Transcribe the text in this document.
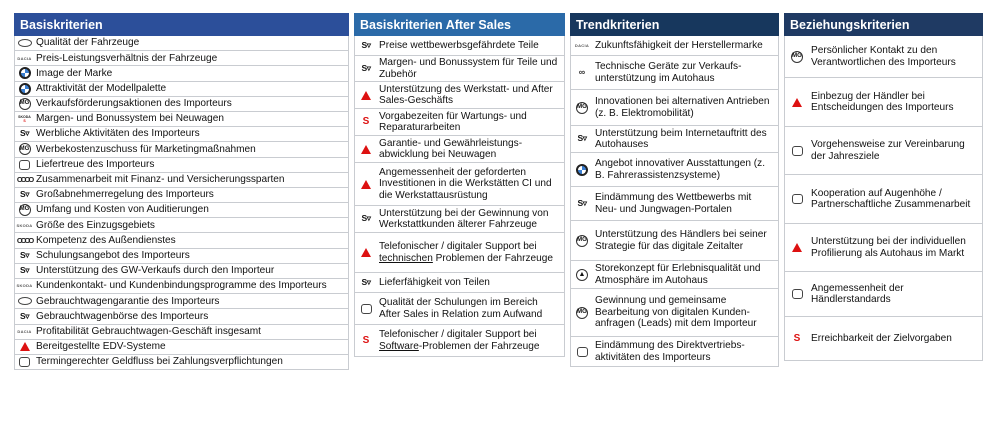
Basiskriterien
Qualität der Fahrzeuge
DACIA Preis-Leistungsverhältnis der Fahrzeuge
Image der Marke
Attraktivität der Modellpalette
MG Verkaufsförderungsaktionen des Importeurs
SKODA
S	Margen- und Bonussystem bei Neuwagen
S▿ Werbliche Aktivitäten des Importeurs
MG Werbekostenzuschuss für Marketingmaßnahmen
Liefertreue des Importeurs
OOOO Zusammenarbeit mit Finanz- und Versicherungssparten
S▿ Großabnehmerregelung des Importeurs
MG Umfang und Kosten von Auditierungen
SKODA Größe des Einzugsgebiets
OOOO Kompetenz des Außendienstes
S▿ Schulungsangebot des Importeurs
S▿ Unterstützung des GW-Verkaufs durch den Importeur
SKODA Kundenkontakt- und Kundenbindungsprogramme des Importeurs
Gebrauchtwagengarantie des Importeurs
S▿ Gebrauchtwagenbörse des Importeurs
DACIA Profitabilität Gebrauchtwagen-Geschäft insgesamt
Bereitgestellte EDV-Systeme
Termingerechter Geldfluss bei Zahlungsverpflichtungen
Basiskriterien After Sales
S▿ Preise wettbewerbsgefährdete Teile
S▿ Margen- und Bonussystem für Teile und Zubehör
Unterstützung des Werkstatt- und After Sales-Geschäfts
S
Vorgabezeiten für Wartungs- und Reparaturarbeiten
Garantie- und Gewährleistungs-abwicklung bei Neuwagen
Angemessenheit der geforderten Investitionen in die Werkstätten CI und die Werkstattausrüstung
S▿ Unterstützung bei der Gewinnung von Werkstattkunden älterer Fahrzeuge
Telefonischer / digitaler Support bei technischen Problemen der Fahrzeuge
S▿ Lieferfähigkeit von Teilen
Qualität der Schulungen im Bereich After Sales in Relation zum Aufwand
S
Telefonischer / digitaler Support bei Software-Problemen der Fahrzeuge
Trendkriterien
DACIA Zukunftsfähigkeit der Herstellermarke
∞ Technische Geräte zur Verkaufs-unterstützung im Autohaus
MG Innovationen bei alternativen Antrieben (z. B. Elektromobilität)
S▿ Unterstützung beim Internetauftritt des Autohauses
Angebot innovativer Ausstattungen (z. B. Fahrerassistenzsysteme)
S▿ Eindämmung des Wettbewerbs mit Neu- und Jungwagen-Portalen
MG Unterstützung des Händlers bei seiner Strategie für das digitale Zeitalter
▲
Storekonzept für Erlebnisqualität und Atmosphäre im Autohaus
MG
Gewinnung und gemeinsame Bearbeitung von digitalen Kunden-anfragen (Leads) mit dem Importeur
Eindämmung des Direktvertriebs-aktivitäten des Importeurs
Beziehungskriterien
MG Persönlicher Kontakt zu den Verantwortlichen des Importeurs
Einbezug der Händler bei Entscheidungen des Importeurs
Vorgehensweise zur Vereinbarung der Jahresziele
Kooperation auf Augenhöhe / Partnerschaftliche Zusammenarbeit
Unterstützung bei der individuellen Profilierung als Autohaus im Markt
Angemessenheit der Händlerstandards
S Erreichbarkeit der Zielvorgaben
